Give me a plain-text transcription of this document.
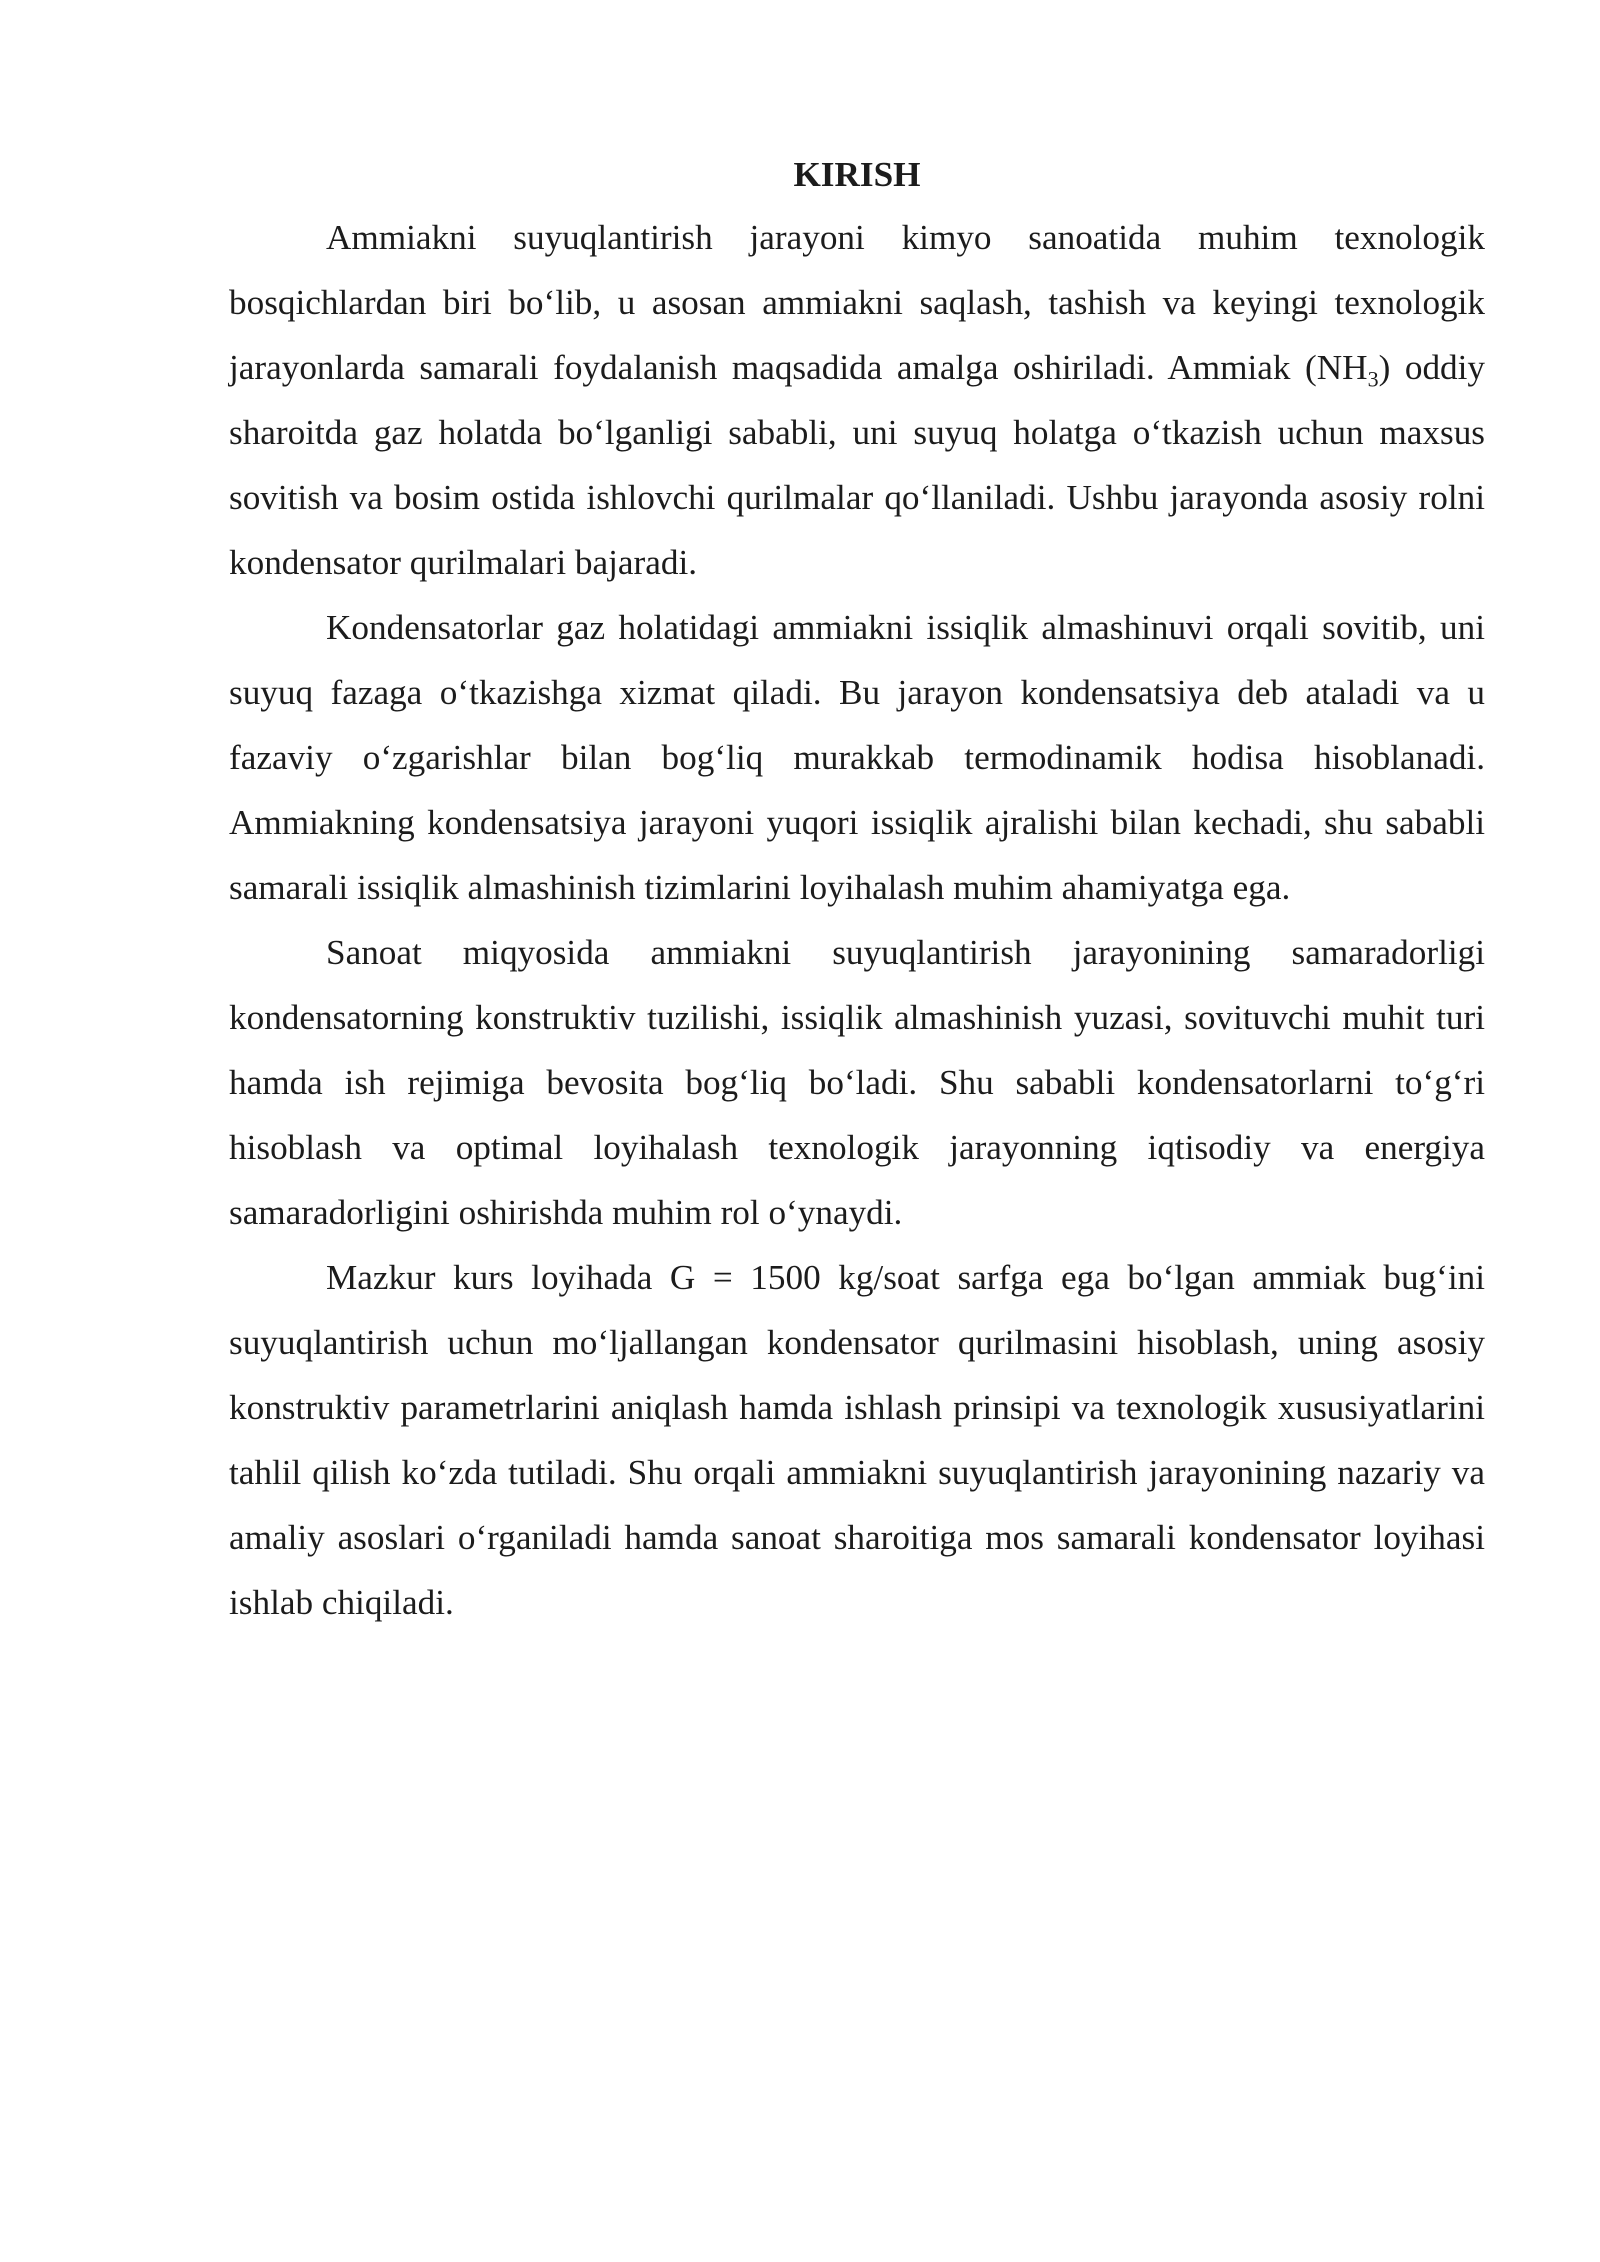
KIRISH

Ammiakni suyuqlantirish jarayoni kimyo sanoatida muhim texnologik bosqichlardan biri bo‘lib, u asosan ammiakni saqlash, tashish va keyingi texnologik jarayonlarda samarali foydalanish maqsadida amalga oshiriladi. Ammiak $(NH_3)$ oddiy sharoitda gaz holatda bo‘lganligi sababli, uni suyuq holatga o‘tkazish uchun maxsus sovitish va bosim ostida ishlovchi qurilmalar qo‘llaniladi. Ushbu jarayonda asosiy rolni kondensator qurilmalari bajaradi.

Kondensatorlar gaz holatidagi ammiakni issiqlik almashinuvi orqali sovitib, uni suyuq fazaga o‘tkazishga xizmat qiladi. Bu jarayon kondensatsiya deb ataladi va u fazaviy o‘zgarishlar bilan bog‘liq murakkab termodinamik hodisa hisoblanadi. Ammiakning kondensatsiya jarayoni yuqori issiqlik ajralishi bilan kechadi, shu sababli samarali issiqlik almashinish tizimlarini loyihalash muhim ahamiyatga ega.

Sanoat miqyosida ammiakni suyuqlantirish jarayonining samaradorligi kondensatorning konstruktiv tuzilishi, issiqlik almashinish yuzasi, sovituvchi muhit turi hamda ish rejimiga bevosita bog‘liq bo‘ladi. Shu sababli kondensatorlarni to‘g‘ri hisoblash va optimal loyihalash texnologik jarayonning iqtisodiy va energiya samaradorligini oshirishda muhim rol o‘ynaydi.

Mazkur kurs loyihada G = 1500 kg/soat sarfga ega bo‘lgan ammiak bug‘ini suyuqlantirish uchun mo‘ljallangan kondensator qurilmasini hisoblash, uning asosiy konstruktiv parametrlarini aniqlash hamda ishlash prinsipi va texnologik xususiyatlarini tahlil qilish ko‘zda tutiladi. Shu orqali ammiakni suyuqlantirish jarayonining nazariy va amaliy asoslari o‘rganiladi hamda sanoat sharoitiga mos samarali kondensator loyihasi ishlab chiqiladi.
